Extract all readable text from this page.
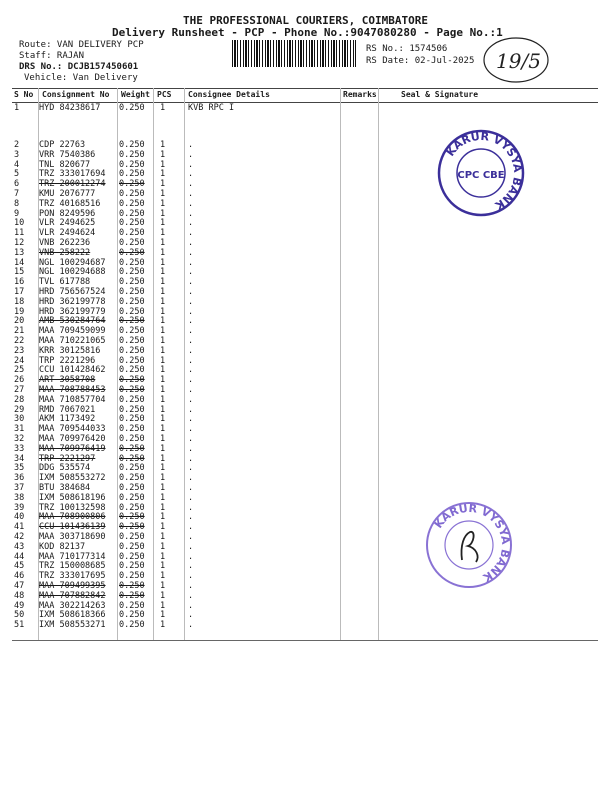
THE PROFESSIONAL COURIERS, COIMBATORE
Delivery Runsheet - PCP - Phone No.:9047080280 - Page No.:1
Route: VAN DELIVERY PCP
Staff: RAJAN
DRS No.: DCJB157450601
Vehicle: Van Delivery
RS No.: 1574506
RS Date: 02-Jul-2025 19/5
S No Consignment No Weight PCS Consignee Details	Remarks	Seal & Signature
1 HYD 84238617 0.250 1	KVB RPC I
2 CDP 22763	0.250 1	.
3 VRR 7540386	0.250 1	.
4 TNL 820677	0.250 1	.
5 TRZ 333017694 0.250 1	.
6 TRZ 200012274 0.250 1	.
7 KMU 2076777	0.250 1	.
8 TRZ 40168516 0.250 1	.
9 PON 8249596	0.250 1	.
10 VLR 2494625	0.250 1	.
11 VLR 2494624	0.250 1	.
12 VNB 262236	0.250 1	.
13 VNB 258222	0.250 1	.
14 NGL 100294687 0.250 1	.
15 NGL 100294688 0.250 1	.
16 TVL 617788	0.250 1	.
17 HRD 756567524 0.250 1	.
18 HRD 362199778 0.250 1	.
19 HRD 362199779 0.250 1	.
20 AMB 530284764 0.250 1	.
21 MAA 709459099 0.250 1	.
22 MAA 710221065 0.250 1	.
23 KRR 30125816 0.250 1	.
24 TRP 2221296	0.250 1	.
25 CCU 101428462 0.250 1	.
26 ART 3058708	0.250 1	.
27 MAA 708788453 0.250 1	.
28 MAA 710857704 0.250 1	.
29 RMD 7067021	0.250 1	.
30 AKM 1173492	0.250 1	.
31 MAA 709544033 0.250 1	.
32 MAA 709976420 0.250 1	.
33 MAA 709976419 0.250 1	.
34 TRP 2221297	0.250 1	.
35 DDG 535574	0.250 1	.
36 IXM 508553272 0.250 1	.
37 BTU 384684	0.250 1	.
38 IXM 508618196 0.250 1	.
39 TRZ 100132598 0.250 1	.
40 MAA 708900806 0.250 1	.
41 CCU 101436139 0.250 1	.
42 MAA 303718690 0.250 1	.
43 KOD 82137	0.250 1	.
44 MAA 710177314 0.250 1	.
45 TRZ 150008685 0.250 1	.
46 TRZ 333017695 0.250 1	.
47 MAA 709499395 0.250 1	.
48 MAA 707882842 0.250 1	.
49 MAA 302214263 0.250 1	.
50 IXM 508618366 0.250 1	.
51 IXM 508553271 0.250 1	.
KARUR VYSYA BANK
CPC CBE
KARUR VYSYA BANK
